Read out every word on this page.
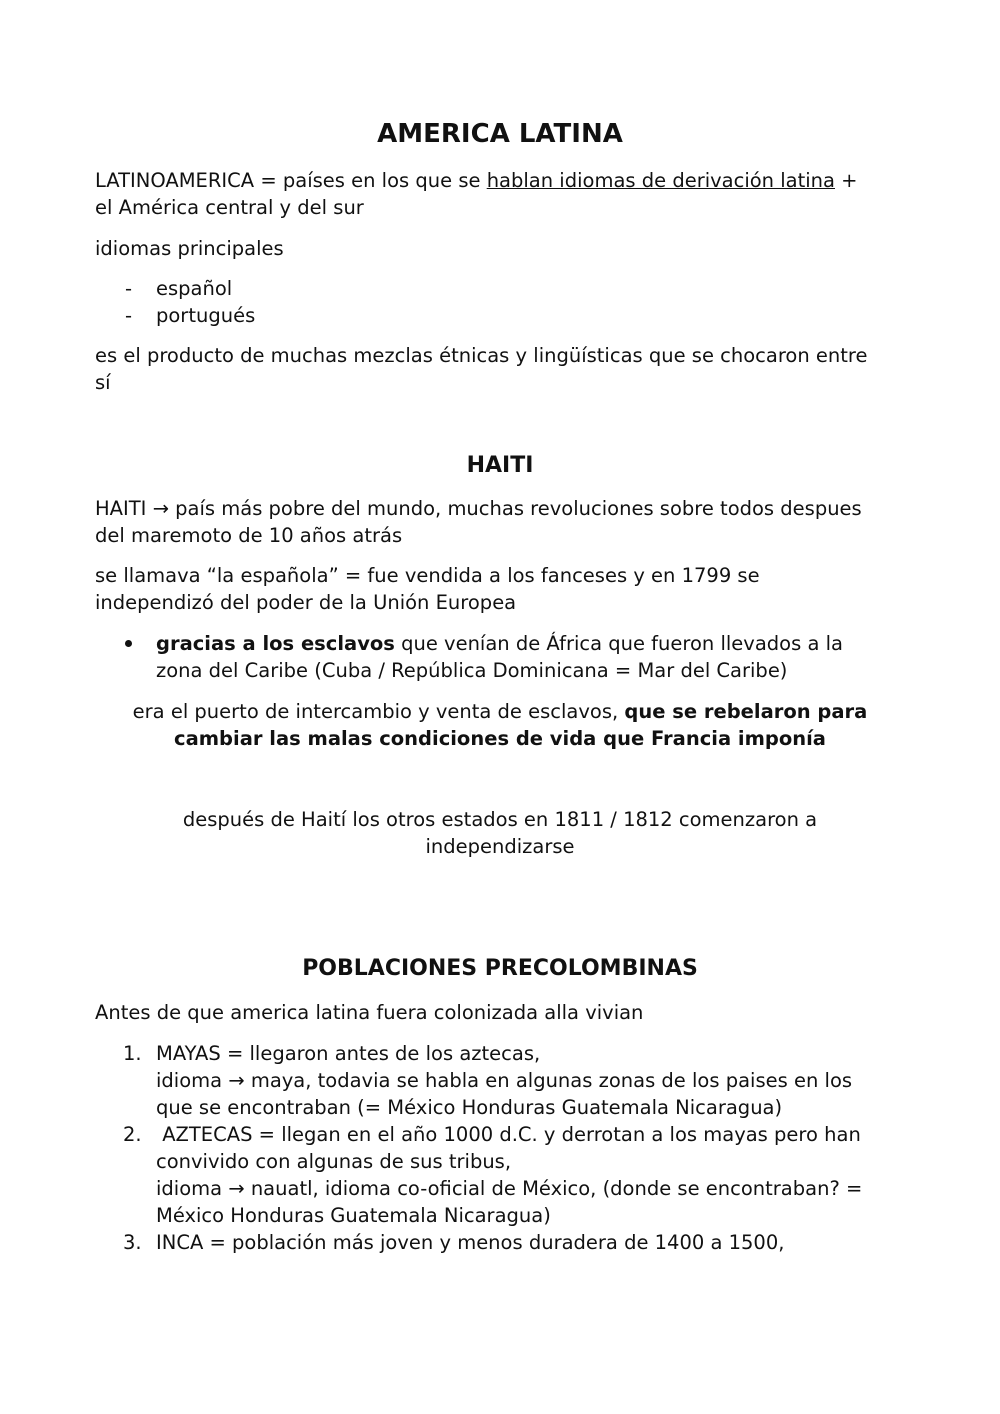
AMERICA LATINA

LATINOAMERICA = países en los que se hablan idiomas de derivación latina +
el América central y del sur

idiomas principales

- español
- portugués

es el producto de muchas mezclas étnicas y lingüísticas que se chocaron entre
sí

HAITI

HAITI → país más pobre del mundo, muchas revoluciones sobre todos despues
del maremoto de 10 años atrás

se llamava “la española” = fue vendida a los fanceses y en 1799 se
independizó del poder de la Unión Europea

gracias a los esclavos que venían de África que fueron llevados a la
zona del Caribe (Cuba / República Dominicana = Mar del Caribe)

era el puerto de intercambio y venta de esclavos, que se rebelaron para
cambiar las malas condiciones de vida que Francia imponía

después de Haití los otros estados en 1811 / 1812 comenzaron a
independizarse

POBLACIONES PRECOLOMBINAS

Antes de que america latina fuera colonizada alla vivian

1. MAYAS = llegaron antes de los aztecas,
idioma → maya, todavia se habla en algunas zonas de los paises en los
que se encontraban (= México Honduras Guatemala Nicaragua)
2. AZTECAS = llegan en el año 1000 d.C. y derrotan a los mayas pero han
convivido con algunas de sus tribus,
idioma → nauatl, idioma co-oficial de México, (donde se encontraban? =
México Honduras Guatemala Nicaragua)
3. INCA = población más joven y menos duradera de 1400 a 1500,
